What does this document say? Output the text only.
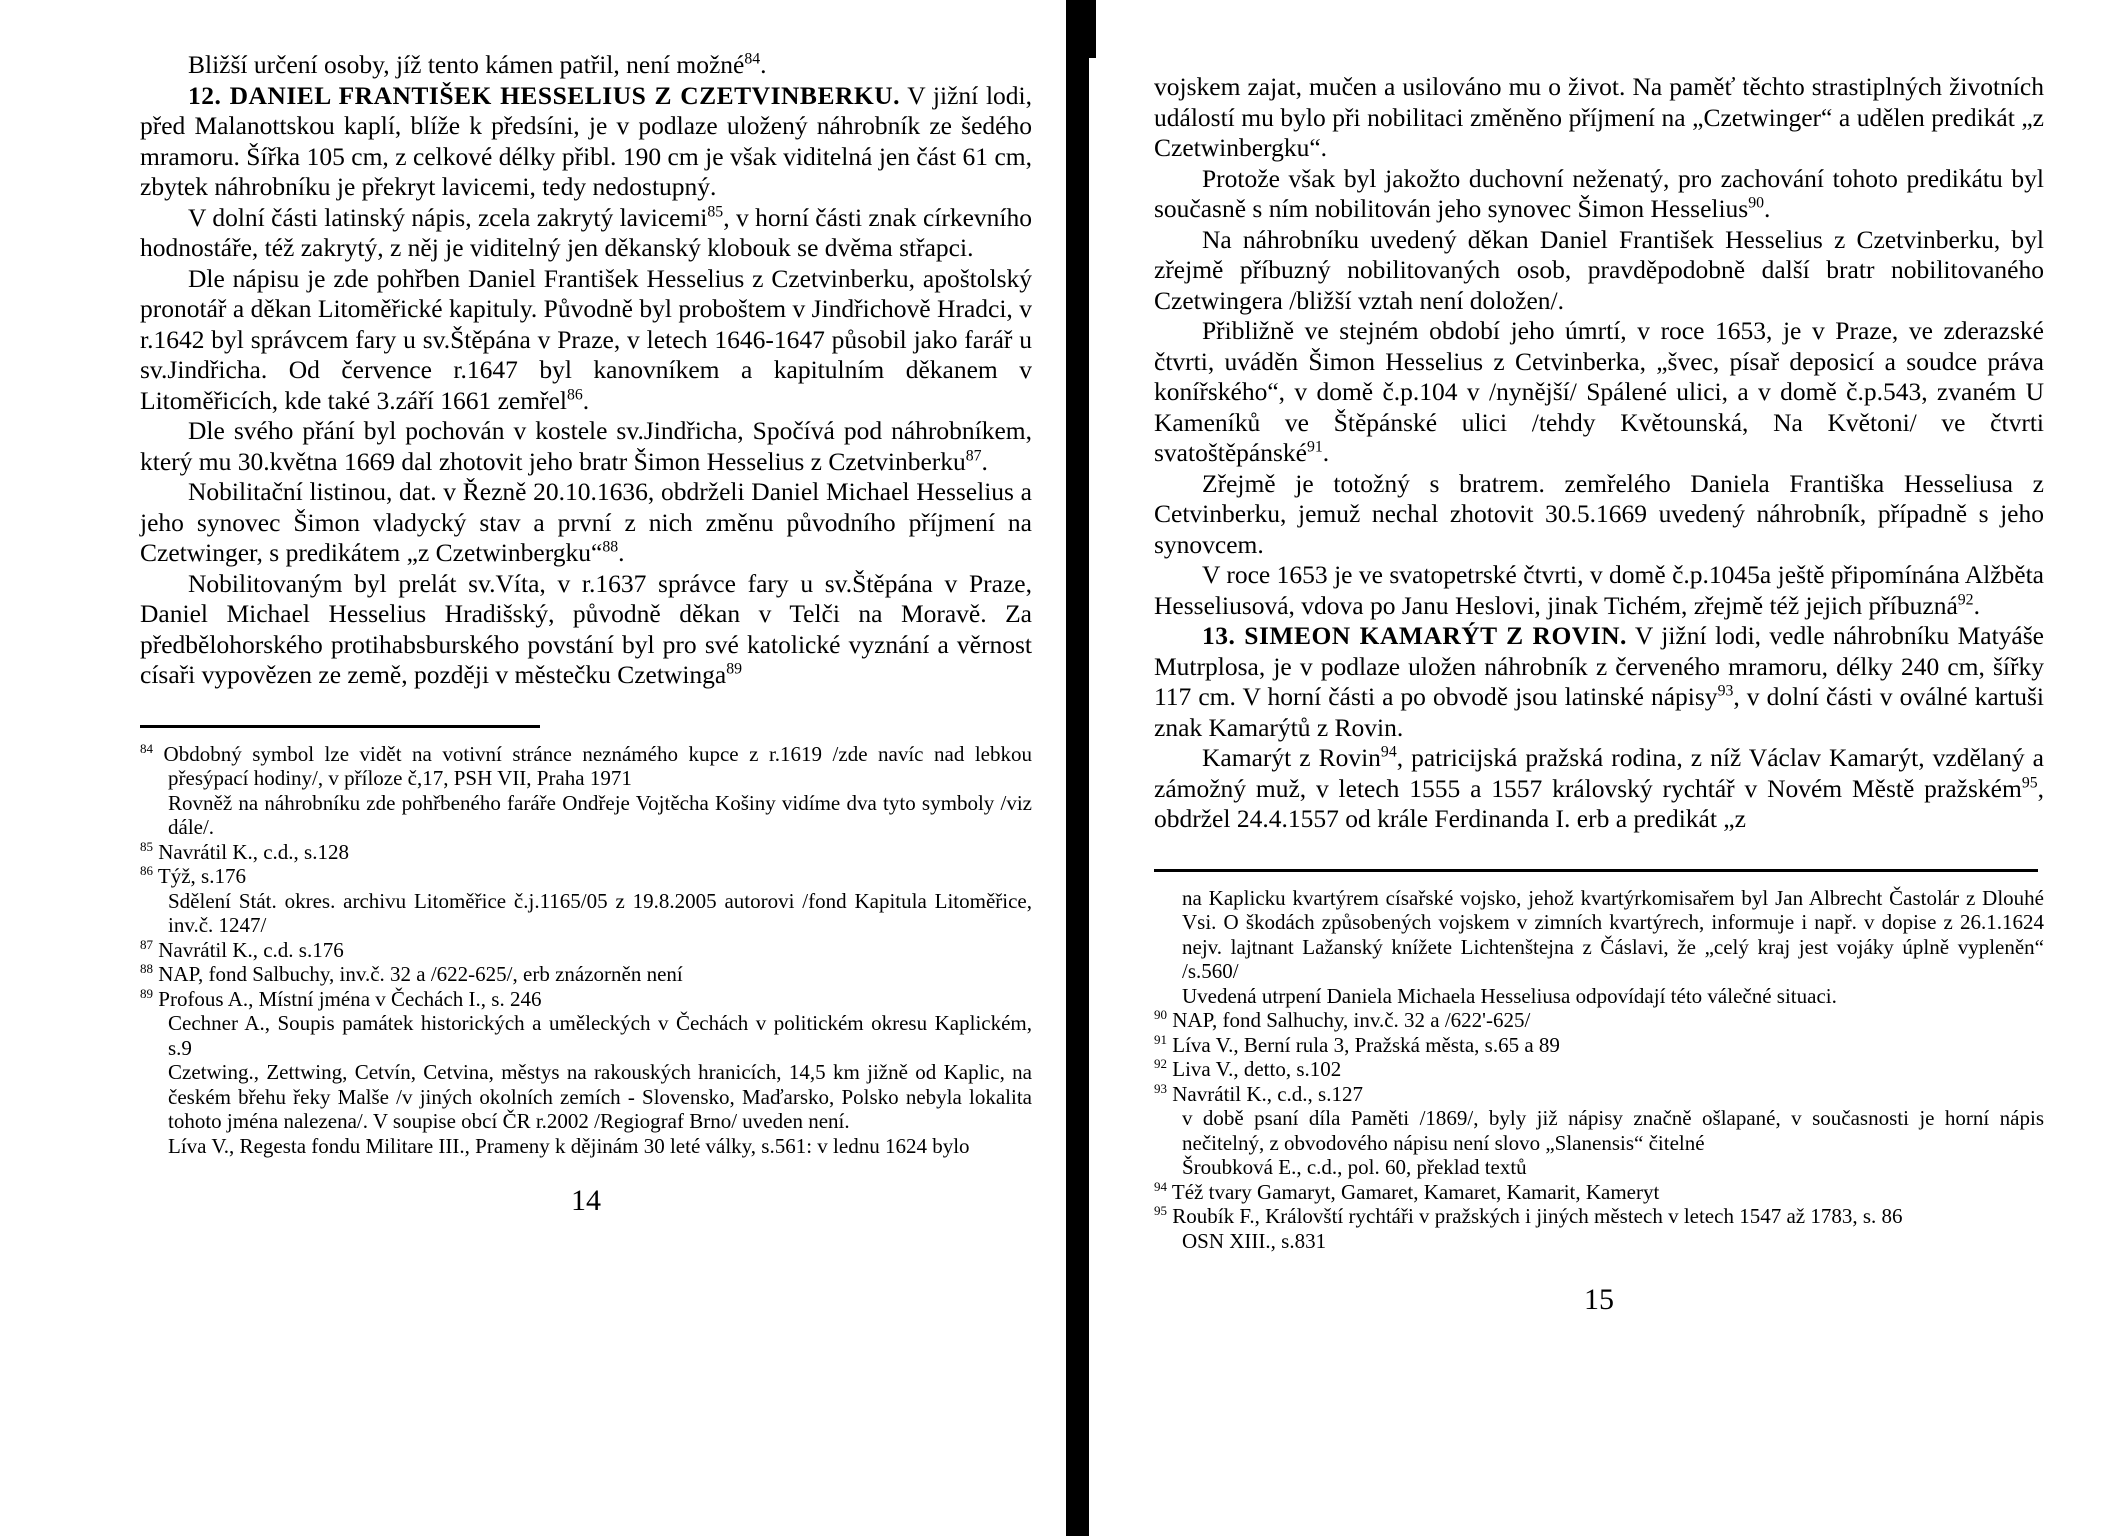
Bližší určení osoby, jíž tento kámen patřil, není možné$^{84}$.

12. DANIEL FRANTIŠEK HESSELIUS Z CZETVINBERKU. V jižní lodi, před Malanottskou kaplí, blíže k předsíni, je v podlaze uložený náhrobník ze šedého mramoru. Šířka 105 cm, z celkové délky přibl. 190 cm je však viditelná jen část 61 cm, zbytek náhrobníku je překryt lavicemi, tedy nedostupný.

V dolní části latinský nápis, zcela zakrytý lavicemi$^{85}$, v horní části znak církevního hodnostáře, též zakrytý, z něj je viditelný jen děkanský klobouk se dvěma střapci.

Dle nápisu je zde pohřben Daniel František Hesselius z Czetvinberku, apoštolský pronotář a děkan Litoměřické kapituly. Původně byl proboštem v Jindřichově Hradci, v r.1642 byl správcem fary u sv.Štěpána v Praze, v letech 1646-1647 působil jako farář u sv.Jindřicha. Od července r.1647 byl kanovníkem a kapitulním děkanem v Litoměřicích, kde také 3.září 1661 zemřel$^{86}$.

Dle svého přání byl pochován v kostele sv.Jindřicha, Spočívá pod náhrobníkem, který mu 30.května 1669 dal zhotovit jeho bratr Šimon Hesselius z Czetvinberku$^{87}$.

Nobilitační listinou, dat. v Řezně 20.10.1636, obdrželi Daniel Michael Hesselius a jeho synovec Šimon vladycký stav a první z nich změnu původního příjmení na Czetwinger, s predikátem „z Czetwinbergku“$^{88}$.

Nobilitovaným byl prelát sv.Víta, v r.1637 správce fary u sv.Štěpána v Praze, Daniel Michael Hesselius Hradišský, původně děkan v Telči na Moravě. Za předbělohorského protihabsburského povstání byl pro své katolické vyznání a věrnost císaři vypovězen ze země, později v městečku Czetwinga$^{89}$

$^{84}$ Obdobný symbol lze vidět na votivní stránce neznámého kupce z r.1619 /zde navíc nad lebkou přesýpací hodiny/, v příloze č,17, PSH VII, Praha 1971
Rovněž na náhrobníku zde pohřbeného faráře Ondřeje Vojtěcha Košiny vidíme dva tyto symboly /viz dále/.
$^{85}$ Navrátil K., c.d., s.128
$^{86}$ Týž, s.176
Sdělení Stát. okres. archivu Litoměřice č.j.1165/05 z 19.8.2005 autorovi /fond Kapitula Litoměřice, inv.č. 1247/
$^{87}$ Navrátil K., c.d. s.176
$^{88}$ NAP, fond Salbuchy, inv.č. 32 a /622-625/, erb znázorněn není
$^{89}$ Profous A., Místní jména v Čechách I., s. 246
Cechner A., Soupis památek historických a uměleckých v Čechách v politickém okresu Kaplickém, s.9
Czetwing., Zettwing, Cetvín, Cetvina, městys na rakouských hranicích, 14,5 km jižně od Kaplic, na českém břehu řeky Malše /v jiných okolních zemích - Slovensko, Maďarsko, Polsko nebyla lokalita tohoto jména nalezena/. V soupise obcí ČR r.2002 /Regiograf Brno/ uveden není.
Líva V., Regesta fondu Militare III., Prameny k dějinám 30 leté války, s.561: v lednu 1624 bylo
14

vojskem zajat, mučen a usilováno mu o život. Na paměť těchto strastiplných životních událostí mu bylo při nobilitaci změněno příjmení na „Czetwinger“ a udělen predikát „z Czetwinbergku“.

Protože však byl jakožto duchovní neženatý, pro zachování tohoto predikátu byl současně s ním nobilitován jeho synovec Šimon Hesselius$^{90}$.

Na náhrobníku uvedený děkan Daniel František Hesselius z Czetvinberku, byl zřejmě příbuzný nobilitovaných osob, pravděpodobně další bratr nobilitovaného Czetwingera /bližší vztah není doložen/.

Přibližně ve stejném období jeho úmrtí, v roce 1653, je v Praze, ve zderazské čtvrti, uváděn Šimon Hesselius z Cetvinberka, „švec, písař deposicí a soudce práva konířského“, v domě č.p.104 v /nynější/ Spálené ulici, a v domě č.p.543, zvaném U Kameníků ve Štěpánské ulici /tehdy Květounská, Na Květoni/ ve čtvrti svatoštěpánské$^{91}$.

Zřejmě je totožný s bratrem. zemřelého Daniela Františka Hesseliusa z Cetvinberku, jemuž nechal zhotovit 30.5.1669 uvedený náhrobník, případně s jeho synovcem.

V roce 1653 je ve svatopetrské čtvrti, v domě č.p.1045a ještě připomínána Alžběta Hesseliusová, vdova po Janu Heslovi, jinak Tichém, zřejmě též jejich příbuzná$^{92}$.

13. SIMEON KAMARÝT Z ROVIN. V jižní lodi, vedle náhrobníku Matyáše Mutrplosa, je v podlaze uložen náhrobník z červeného mramoru, délky 240 cm, šířky 117 cm. V horní části a po obvodě jsou latinské nápisy$^{93}$, v dolní části v oválné kartuši znak Kamarýtů z Rovin.

Kamarýt z Rovin$^{94}$, patricijská pražská rodina, z níž Václav Kamarýt, vzdělaný a zámožný muž, v letech 1555 a 1557 královský rychtář v Novém Městě pražském$^{95}$, obdržel 24.4.1557 od krále Ferdinanda I. erb a predikát „z

na Kaplicku kvartýrem císařské vojsko, jehož kvartýrkomisařem byl Jan Albrecht Častolár z Dlouhé Vsi. O škodách způsobených vojskem v zimních kvartýrech, informuje i např. v dopise z 26.1.1624 nejv. lajtnant Lažanský knížete Lichtenštejna z Čáslavi, že „celý kraj jest vojáky úplně vypleněn“ /s.560/
Uvedená utrpení Daniela Michaela Hesseliusa odpovídají této válečné situaci.
$^{90}$ NAP, fond Salhuchy, inv.č. 32 a /622'-625/
$^{91}$ Líva V., Berní rula 3, Pražská města, s.65 a 89
$^{92}$ Liva V., detto, s.102
$^{93}$ Navrátil K., c.d., s.127
v době psaní díla Paměti /1869/, byly již nápisy značně ošlapané, v současnosti je horní nápis nečitelný, z obvodového nápisu není slovo „Slanensis“ čitelné
Šroubková E., c.d., pol. 60, překlad textů
$^{94}$ Též tvary Gamaryt, Gamaret, Kamaret, Kamarit, Kameryt
$^{95}$ Roubík F., Královští rychtáři v pražských i jiných městech v letech 1547 až 1783, s. 86
OSN XIII., s.831
15
